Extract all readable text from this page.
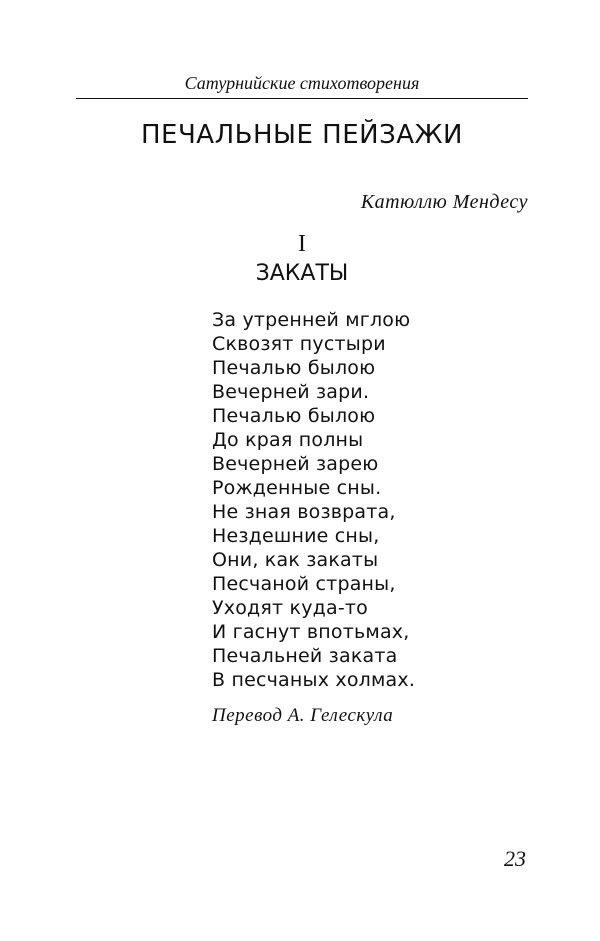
Сатурнийские стихотворения
ПЕЧАЛЬНЫЕ ПЕЙЗАЖИ
Катюллю Мендесу
I
ЗАКАТЫ
За утренней мглою
Сквозят пустыри
Печалью былою
Вечерней зари.
Печалью былою
До края полны
Вечерней зарею
Рожденные сны.
Не зная возврата,
Нездешние сны,
Они, как закаты
Песчаной страны,
Уходят куда-то
И гаснут впотьмах,
Печальней заката
В песчаных холмах.
Перевод А. Гелескула
23
